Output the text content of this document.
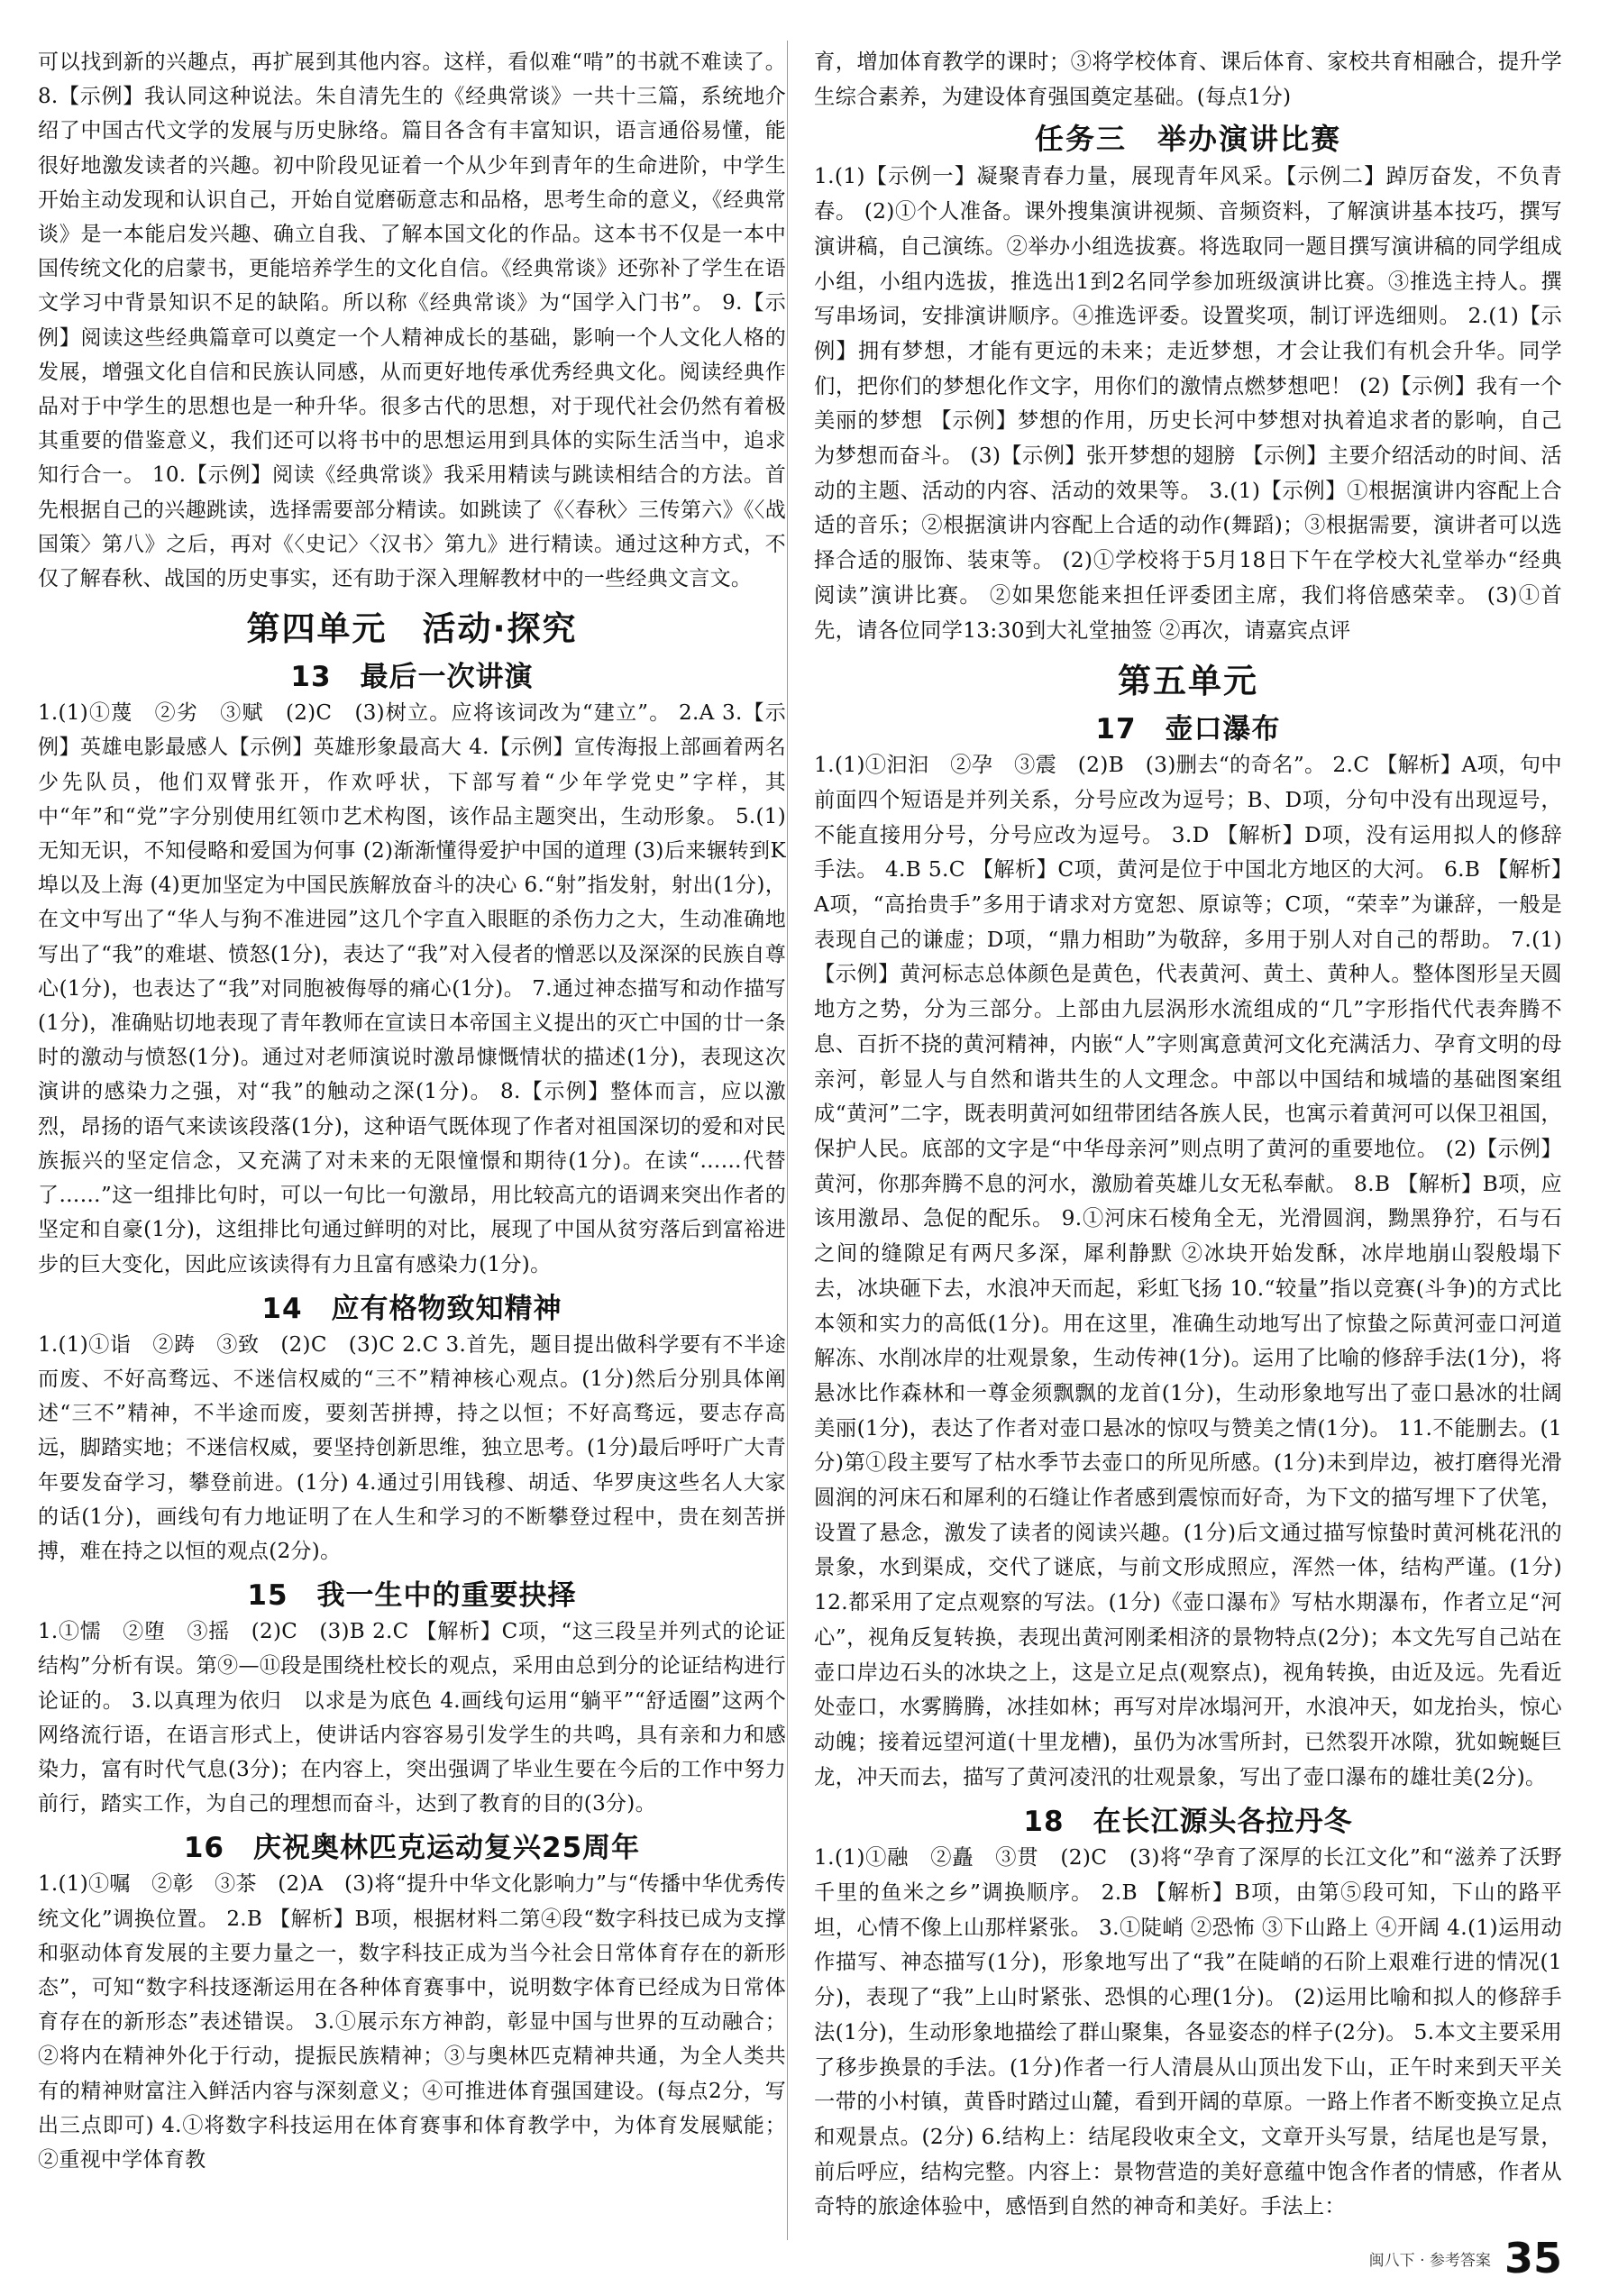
可以找到新的兴趣点，再扩展到其他内容。这样，看似难“啃”的书就不难读了。 8.【示例】我认同这种说法。朱自清先生的《经典常谈》一共十三篇，系统地介绍了中国古代文学的发展与历史脉络。篇目各含有丰富知识，语言通俗易懂，能很好地激发读者的兴趣。初中阶段见证着一个从少年到青年的生命进阶，中学生开始主动发现和认识自己，开始自觉磨砺意志和品格，思考生命的意义，《经典常谈》是一本能启发兴趣、确立自我、了解本国文化的作品。这本书不仅是一本中国传统文化的启蒙书，更能培养学生的文化自信。《经典常谈》还弥补了学生在语文学习中背景知识不足的缺陷。所以称《经典常谈》为“国学入门书”。 9.【示例】阅读这些经典篇章可以奠定一个人精神成长的基础，影响一个人文化人格的发展，增强文化自信和民族认同感，从而更好地传承优秀经典文化。阅读经典作品对于中学生的思想也是一种升华。很多古代的思想，对于现代社会仍然有着极其重要的借鉴意义，我们还可以将书中的思想运用到具体的实际生活当中，追求知行合一。 10.【示例】阅读《经典常谈》我采用精读与跳读相结合的方法。首先根据自己的兴趣跳读，选择需要部分精读。如跳读了《〈春秋〉三传第六》《〈战国策〉第八》之后，再对《〈史记〉〈汉书〉第九》进行精读。通过这种方式，不仅了解春秋、战国的历史事实，还有助于深入理解教材中的一些经典文言文。

第四单元　活动·探究
13　最后一次讲演

1.(1)①蔑　②劣　③赋　(2)C　(3)树立。应将该词改为“建立”。 2.A 3.【示例】英雄电影最感人【示例】英雄形象最高大 4.【示例】宣传海报上部画着两名少先队员，他们双臂张开，作欢呼状，下部写着“少年学党史”字样，其中“年”和“党”字分别使用红领巾艺术构图，该作品主题突出，生动形象。 5.(1)无知无识，不知侵略和爱国为何事 (2)渐渐懂得爱护中国的道理 (3)后来辗转到K埠以及上海 (4)更加坚定为中国民族解放奋斗的决心 6.“射”指发射，射出(1分)，在文中写出了“华人与狗不准进园”这几个字直入眼眶的杀伤力之大，生动准确地写出了“我”的难堪、愤怒(1分)，表达了“我”对入侵者的憎恶以及深深的民族自尊心(1分)，也表达了“我”对同胞被侮辱的痛心(1分)。 7.通过神态描写和动作描写(1分)，准确贴切地表现了青年教师在宣读日本帝国主义提出的灭亡中国的廿一条时的激动与愤怒(1分)。通过对老师演说时激昂慷慨情状的描述(1分)，表现这次演讲的感染力之强，对“我”的触动之深(1分)。 8.【示例】整体而言，应以激烈，昂扬的语气来读该段落(1分)，这种语气既体现了作者对祖国深切的爱和对民族振兴的坚定信念，又充满了对未来的无限憧憬和期待(1分)。在读“……代替了……”这一组排比句时，可以一句比一句激昂，用比较高亢的语调来突出作者的坚定和自豪(1分)，这组排比句通过鲜明的对比，展现了中国从贫穷落后到富裕进步的巨大变化，因此应该读得有力且富有感染力(1分)。

14　应有格物致知精神

1.(1)①诣　②踌　③致　(2)C　(3)C 2.C 3.首先，题目提出做科学要有不半途而废、不好高骛远、不迷信权威的“三不”精神核心观点。(1分)然后分别具体阐述“三不”精神，不半途而废，要刻苦拼搏，持之以恒；不好高骛远，要志存高远，脚踏实地；不迷信权威，要坚持创新思维，独立思考。(1分)最后呼吁广大青年要发奋学习，攀登前进。(1分) 4.通过引用钱穆、胡适、华罗庚这些名人大家的话(1分)，画线句有力地证明了在人生和学习的不断攀登过程中，贵在刻苦拼搏，难在持之以恒的观点(2分)。

15　我一生中的重要抉择

1.①懦　②堕　③摇　(2)C　(3)B 2.C 【解析】C项，“这三段呈并列式的论证结构”分析有误。第⑨—⑪段是围绕杜校长的观点，采用由总到分的论证结构进行论证的。 3.以真理为依归　以求是为底色 4.画线句运用“躺平”“舒适圈”这两个网络流行语，在语言形式上，使讲话内容容易引发学生的共鸣，具有亲和力和感染力，富有时代气息(3分)；在内容上，突出强调了毕业生要在今后的工作中努力前行，踏实工作，为自己的理想而奋斗，达到了教育的目的(3分)。

16　庆祝奥林匹克运动复兴25周年

1.(1)①嘱　②彰　③茶　(2)A　(3)将“提升中华文化影响力”与“传播中华优秀传统文化”调换位置。 2.B 【解析】B项，根据材料二第④段“数字科技已成为支撑和驱动体育发展的主要力量之一，数字科技正成为当今社会日常体育存在的新形态”，可知“数字科技逐渐运用在各种体育赛事中，说明数字体育已经成为日常体育存在的新形态”表述错误。 3.①展示东方神韵，彰显中国与世界的互动融合；②将内在精神外化于行动，提振民族精神；③与奥林匹克精神共通，为全人类共有的精神财富注入鲜活内容与深刻意义；④可推进体育强国建设。(每点2分，写出三点即可) 4.①将数字科技运用在体育赛事和体育教学中，为体育发展赋能；②重视中学体育教

育，增加体育教学的课时；③将学校体育、课后体育、家校共育相融合，提升学生综合素养，为建设体育强国奠定基础。(每点1分)

任务三　举办演讲比赛

1.(1)【示例一】凝聚青春力量，展现青年风采。【示例二】踔厉奋发，不负青春。 (2)①个人准备。课外搜集演讲视频、音频资料，了解演讲基本技巧，撰写演讲稿，自己演练。②举办小组选拔赛。将选取同一题目撰写演讲稿的同学组成小组，小组内选拔，推选出1到2名同学参加班级演讲比赛。③推选主持人。撰写串场词，安排演讲顺序。④推选评委。设置奖项，制订评选细则。 2.(1)【示例】拥有梦想，才能有更远的未来；走近梦想，才会让我们有机会升华。同学们，把你们的梦想化作文字，用你们的激情点燃梦想吧！ (2)【示例】我有一个美丽的梦想 【示例】梦想的作用，历史长河中梦想对执着追求者的影响，自己为梦想而奋斗。 (3)【示例】张开梦想的翅膀 【示例】主要介绍活动的时间、活动的主题、活动的内容、活动的效果等。 3.(1)【示例】①根据演讲内容配上合适的音乐；②根据演讲内容配上合适的动作(舞蹈)；③根据需要，演讲者可以选择合适的服饰、装束等。 (2)①学校将于5月18日下午在学校大礼堂举办“经典阅读”演讲比赛。 ②如果您能来担任评委团主席，我们将倍感荣幸。 (3)①首先，请各位同学13:30到大礼堂抽签 ②再次，请嘉宾点评

第五单元
17　壶口瀑布

1.(1)①汩汩　②孕　③震　(2)B　(3)删去“的奇名”。 2.C 【解析】A项，句中前面四个短语是并列关系，分号应改为逗号；B、D项，分句中没有出现逗号，不能直接用分号，分号应改为逗号。 3.D 【解析】D项，没有运用拟人的修辞手法。 4.B 5.C 【解析】C项，黄河是位于中国北方地区的大河。 6.B 【解析】A项，“高抬贵手”多用于请求对方宽恕、原谅等；C项，“荣幸”为谦辞，一般是表现自己的谦虚；D项，“鼎力相助”为敬辞，多用于别人对自己的帮助。 7.(1)【示例】黄河标志总体颜色是黄色，代表黄河、黄土、黄种人。整体图形呈天圆地方之势，分为三部分。上部由九层涡形水流组成的“几”字形指代代表奔腾不息、百折不挠的黄河精神，内嵌“人”字则寓意黄河文化充满活力、孕育文明的母亲河，彰显人与自然和谐共生的人文理念。中部以中国结和城墙的基础图案组成“黄河”二字，既表明黄河如纽带团结各族人民，也寓示着黄河可以保卫祖国，保护人民。底部的文字是“中华母亲河”则点明了黄河的重要地位。 (2)【示例】黄河，你那奔腾不息的河水，激励着英雄儿女无私奉献。 8.B 【解析】B项，应该用激昂、急促的配乐。 9.①河床石棱角全无，光滑圆润，黝黑狰狞，石与石之间的缝隙足有两尺多深，犀利静默 ②冰块开始发酥，冰岸地崩山裂般塌下去，冰块砸下去，水浪冲天而起，彩虹飞扬 10.“较量”指以竞赛(斗争)的方式比本领和实力的高低(1分)。用在这里，准确生动地写出了惊蛰之际黄河壶口河道解冻、水削冰岸的壮观景象，生动传神(1分)。运用了比喻的修辞手法(1分)，将悬冰比作森林和一尊金须飘飘的龙首(1分)，生动形象地写出了壶口悬冰的壮阔美丽(1分)，表达了作者对壶口悬冰的惊叹与赞美之情(1分)。 11.不能删去。(1分)第①段主要写了枯水季节去壶口的所见所感。(1分)未到岸边，被打磨得光滑圆润的河床石和犀利的石缝让作者感到震惊而好奇，为下文的描写埋下了伏笔，设置了悬念，激发了读者的阅读兴趣。(1分)后文通过描写惊蛰时黄河桃花汛的景象，水到渠成，交代了谜底，与前文形成照应，浑然一体，结构严谨。(1分) 12.都采用了定点观察的写法。(1分)《壶口瀑布》写枯水期瀑布，作者立足“河心”，视角反复转换，表现出黄河刚柔相济的景物特点(2分)；本文先写自己站在壶口岸边石头的冰块之上，这是立足点(观察点)，视角转换，由近及远。先看近处壶口，水雾腾腾，冰挂如林；再写对岸冰塌河开，水浪冲天，如龙抬头，惊心动魄；接着远望河道(十里龙槽)，虽仍为冰雪所封，已然裂开冰隙，犹如蜿蜒巨龙，冲天而去，描写了黄河凌汛的壮观景象，写出了壶口瀑布的雄壮美(2分)。

18　在长江源头各拉丹冬

1.(1)①融　②矗　③贯　(2)C　(3)将“孕育了深厚的长江文化”和“滋养了沃野千里的鱼米之乡”调换顺序。 2.B 【解析】B项，由第⑤段可知，下山的路平坦，心情不像上山那样紧张。 3.①陡峭 ②恐怖 ③下山路上 ④开阔 4.(1)运用动作描写、神态描写(1分)，形象地写出了“我”在陡峭的石阶上艰难行进的情况(1分)，表现了“我”上山时紧张、恐惧的心理(1分)。 (2)运用比喻和拟人的修辞手法(1分)，生动形象地描绘了群山聚集，各显姿态的样子(2分)。 5.本文主要采用了移步换景的手法。(1分)作者一行人清晨从山顶出发下山，正午时来到天平关一带的小村镇，黄昏时踏过山麓，看到开阔的草原。一路上作者不断变换立足点和观景点。(2分) 6.结构上：结尾段收束全文，文章开头写景，结尾也是写景，前后呼应，结构完整。内容上：景物营造的美好意蕴中饱含作者的情感，作者从奇特的旅途体验中，感悟到自然的神奇和美好。手法上：

闽八下 · 参考答案 35
